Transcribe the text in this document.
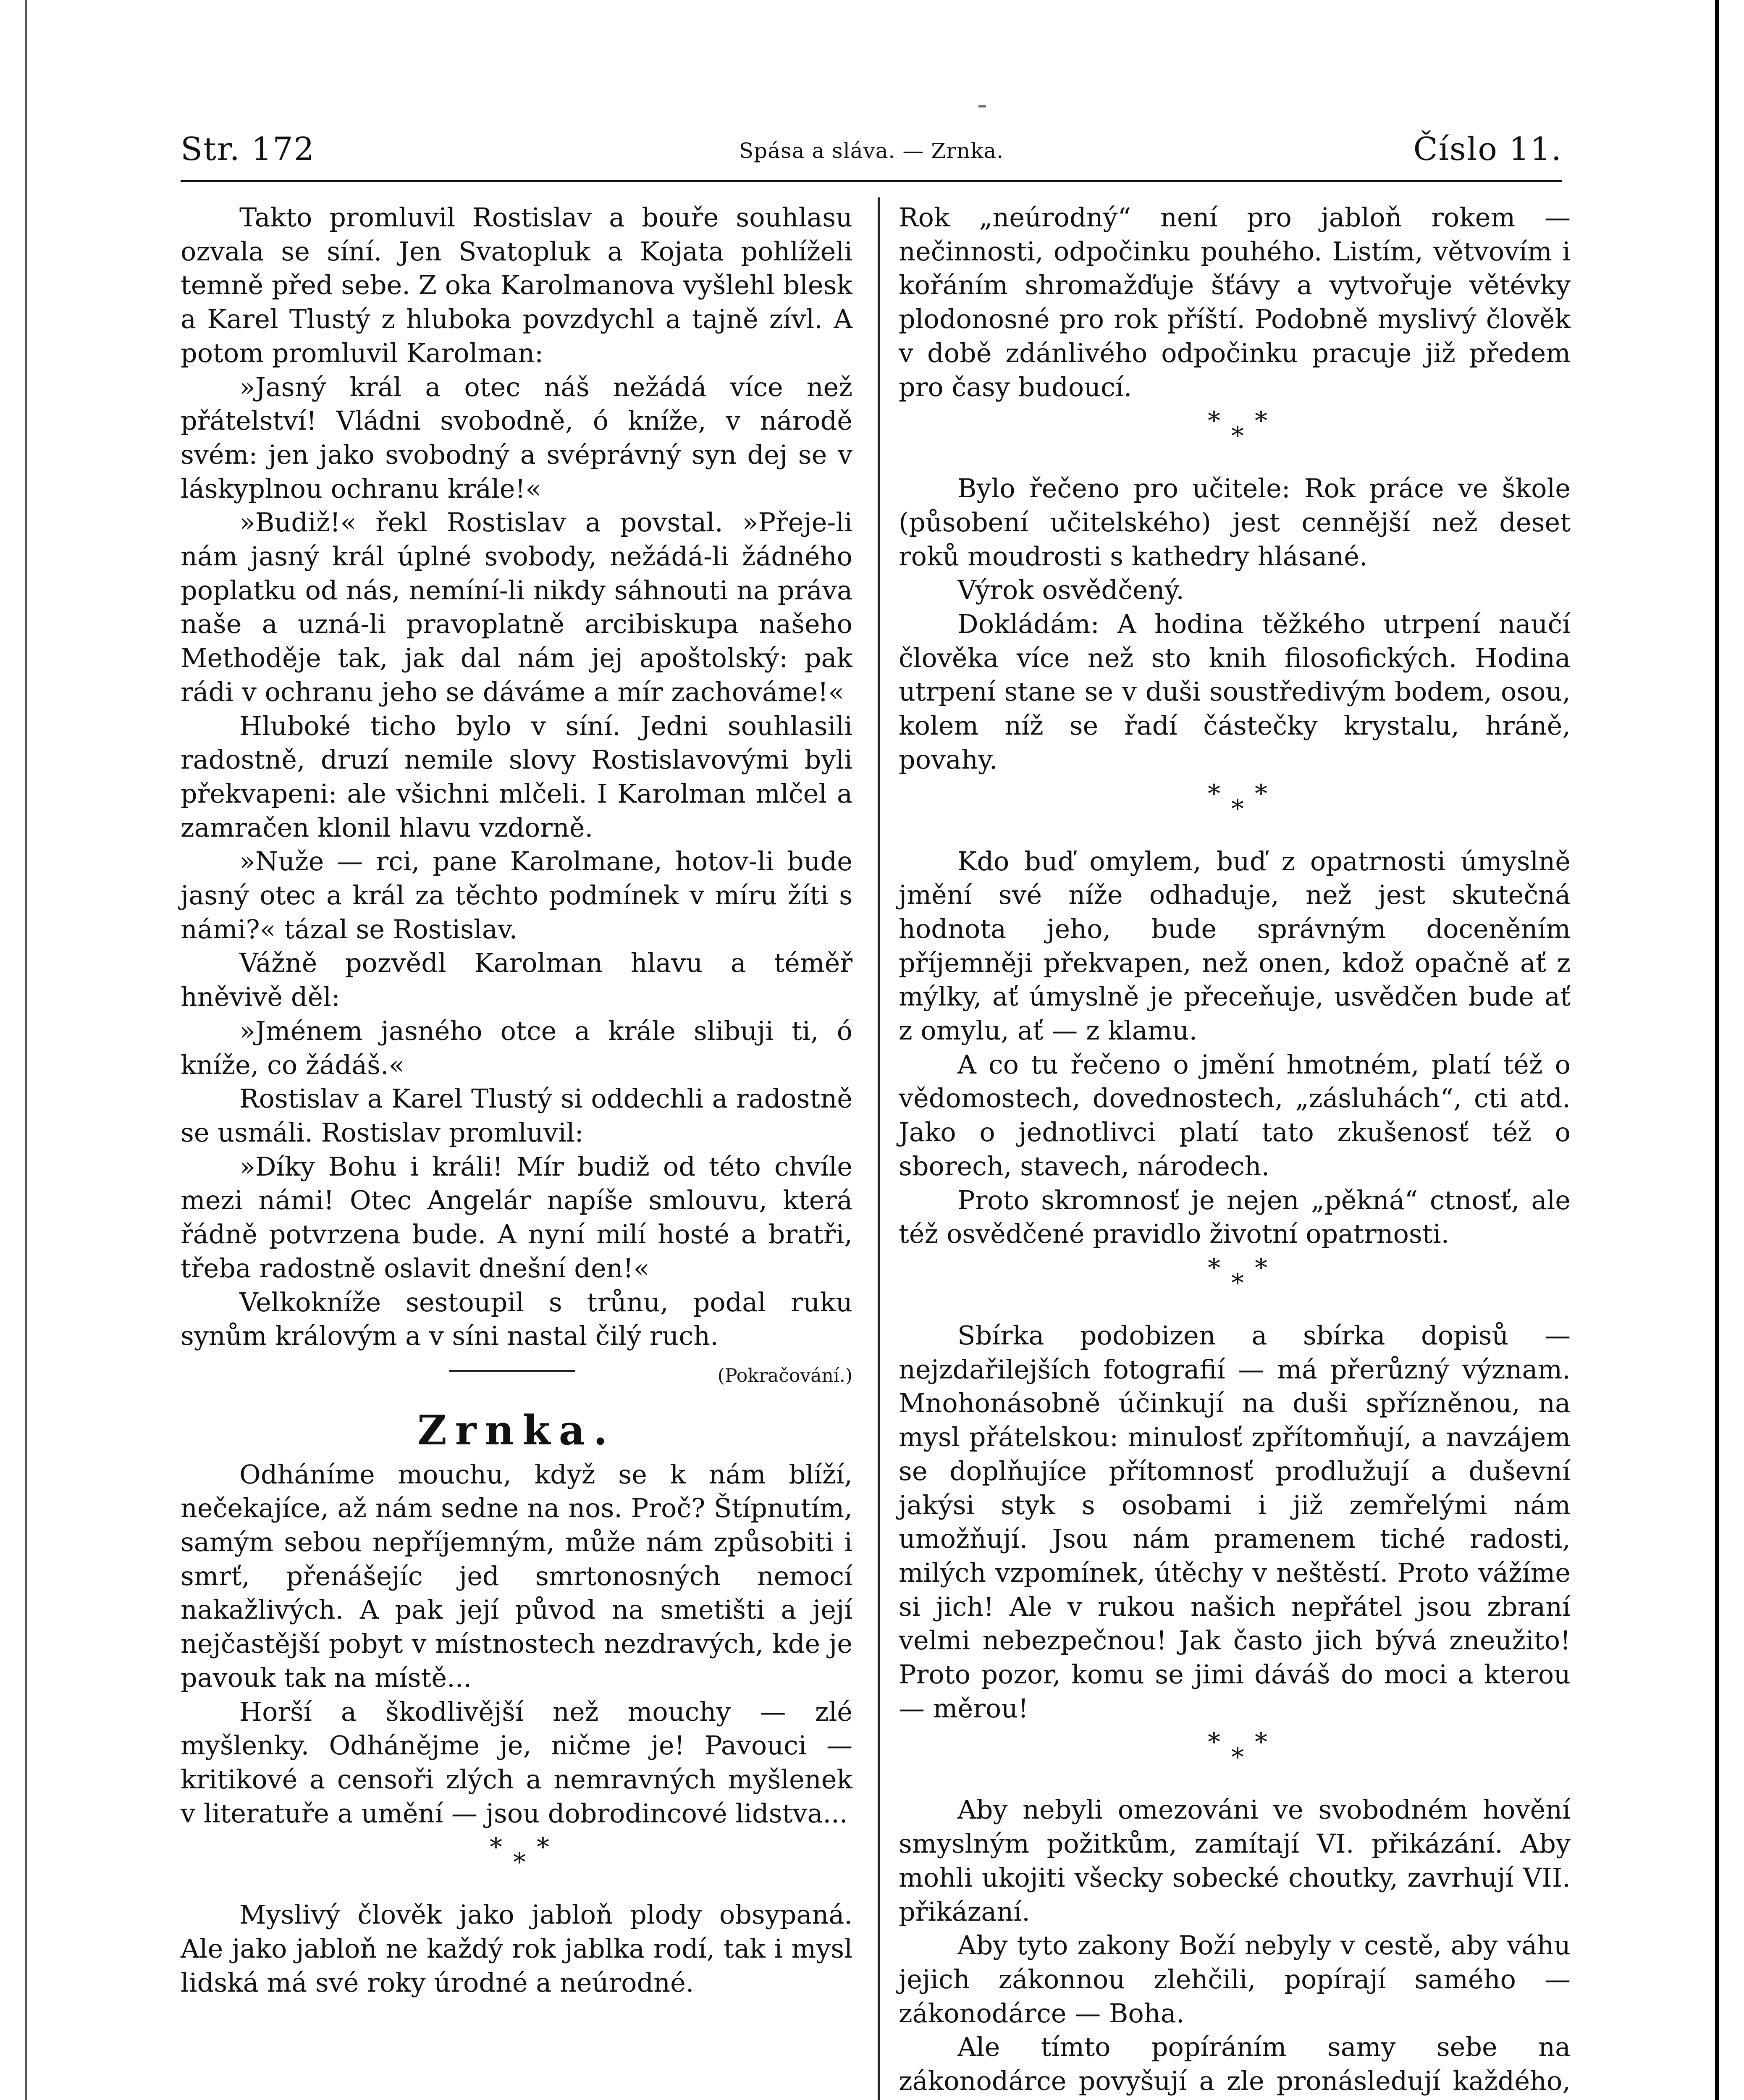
Str. 172	Spása a sláva. — Zrnka.	Číslo 11.

Takto promluvil Rostislav a bouře souhlasu ozvala se síní. Jen Svatopluk a Kojata pohlíželi temně před sebe. Z oka Karolmanova vyšlehl blesk a Karel Tlustý z hluboka povzdychl a tajně zívl. A potom promluvil Karolman:

»Jasný král a otec náš nežádá více než přátelství! Vládni svobodně, ó kníže, v národě svém: jen jako svobodný a svéprávný syn dej se v láskyplnou ochranu krále!«

»Budiž!« řekl Rostislav a povstal. »Přeje-li nám jasný král úplné svobody, nežádá-li žádného poplatku od nás, nemíní-li nikdy sáhnouti na práva naše a uzná-li pravoplatně arcibiskupa našeho Methoděje tak, jak dal nám jej apoštolský: pak rádi v ochranu jeho se dáváme a mír zachováme!«

Hluboké ticho bylo v síní. Jedni souhlasili radostně, druzí nemile slovy Rostislavovými byli překvapeni: ale všichni mlčeli. I Karolman mlčel a zamračen klonil hlavu vzdorně.

»Nuže — rci, pane Karolmane, hotov-li bude jasný otec a král za těchto podmínek v míru žíti s námi?« tázal se Rostislav.

Vážně pozvědl Karolman hlavu a téměř hněvivě děl:

»Jménem jasného otce a krále slibuji ti, ó kníže, co žádáš.«

Rostislav a Karel Tlustý si oddechli a radostně se usmáli. Rostislav promluvil:

»Díky Bohu i králi! Mír budiž od této chvíle mezi námi! Otec Angelár napíše smlouvu, která řádně potvrzena bude. A nyní milí hosté a bratři, třeba radostně oslavit dnešní den!«

Velkokníže sestoupil s trůnu, podal ruku synům královým a v síni nastal čilý ruch.

(Pokračování.)
Zrnka.

Odháníme mouchu, když se k nám blíží, nečekajíce, až nám sedne na nos. Proč? Štípnutím, samým sebou nepříjemným, může nám způsobiti i smrť, přenášejíc jed smrtonosných nemocí nakažlivých. A pak její původ na smetišti a její nejčastější pobyt v místnostech nezdravých, kde je pavouk tak na místě...

Horší a škodlivější než mouchy — zlé myšlenky. Odháněјme je, ničme je! Pavouci — kritikové a censoři zlých a nemravných myšlenek v literatuře a umění — jsou dobrodincové lidstva...

*
*
*

Myslivý člověk jako jabloň plody obsypaná. Ale jako jabloň ne každý rok jablka rodí, tak i mysl lidská má své roky úrodné a neúrodné.

Rok „neúrodný“ není pro jabloň rokem — nečinnosti, odpočinku pouhého. Listím, větvovím i kořáním shromažďuje šťávy a vytvořuje větévky plodonosné pro rok příští. Podobně myslivý člověk v době zdánlivého odpočinku pracuje již předem pro časy budoucí.

*
*
*

Bylo řečeno pro učitele: Rok práce ve škole (působení učitelského) jest cennější než deset roků moudrosti s kathedry hlásané.

Výrok osvědčený.

Dokládám: A hodina těžkého utrpení naučí člověka více než sto knih filosofických. Hodina utrpení stane se v duši soustředivým bodem, osou, kolem níž se řadí částečky krystalu, hráně, povahy.

*
*
*

Kdo buď omylem, buď z opatrnosti úmyslně jmění své níže odhaduje, než jest skutečná hodnota jeho, bude správným doceněním příjemněji překvapen, než onen, kdož opačně ať z mýlky, ať úmyslně je přeceňuje, usvědčen bude ať z omylu, ať — z klamu.

A co tu řečeno o jmění hmotném, platí též o vědomostech, dovednostech, „zásluhách“, cti atd. Jako o jednotlivci platí tato zkušenosť též o sborech, stavech, národech.

Proto skromnosť je nejen „pěkná“ ctnosť, ale též osvědčené pravidlo životní opatrnosti.

*
*
*

Sbírka podobizen a sbírka dopisů — nejzdařilejších fotografií — má přerůzný význam. Mnohonásobně účinkují na duši spřízněnou, na mysl přátelskou: minulosť zpřítomňují, a navzájem se doplňujíce přítomnosť prodlužují a duševní jakýsi styk s osobami i již zemřelými nám umožňují. Jsou nám pramenem tiché radosti, milých vzpomínek, útěchy v neštěstí. Proto vážíme si jich! Ale v rukou našich nepřátel jsou zbraní velmi nebezpečnou! Jak často jich bývá zneužito! Proto pozor, komu se jimi dáváš do moci a kterou — měrou!

*
*
*

Aby nebyli omezováni ve svobodném hovění smyslným požitkům, zamítají VI. přikázání. Aby mohli ukojiti všecky sobecké choutky, zavrhují VII. přikázaní.

Aby tyto zakony Boží nebyly v cestě, aby váhu jejich zákonnou zlehčili, popírají samého — zákonodárce — Boha.

Ale tímto popíráním samy sebe na zákonodárce povyšují a zle pronásledují každého,
